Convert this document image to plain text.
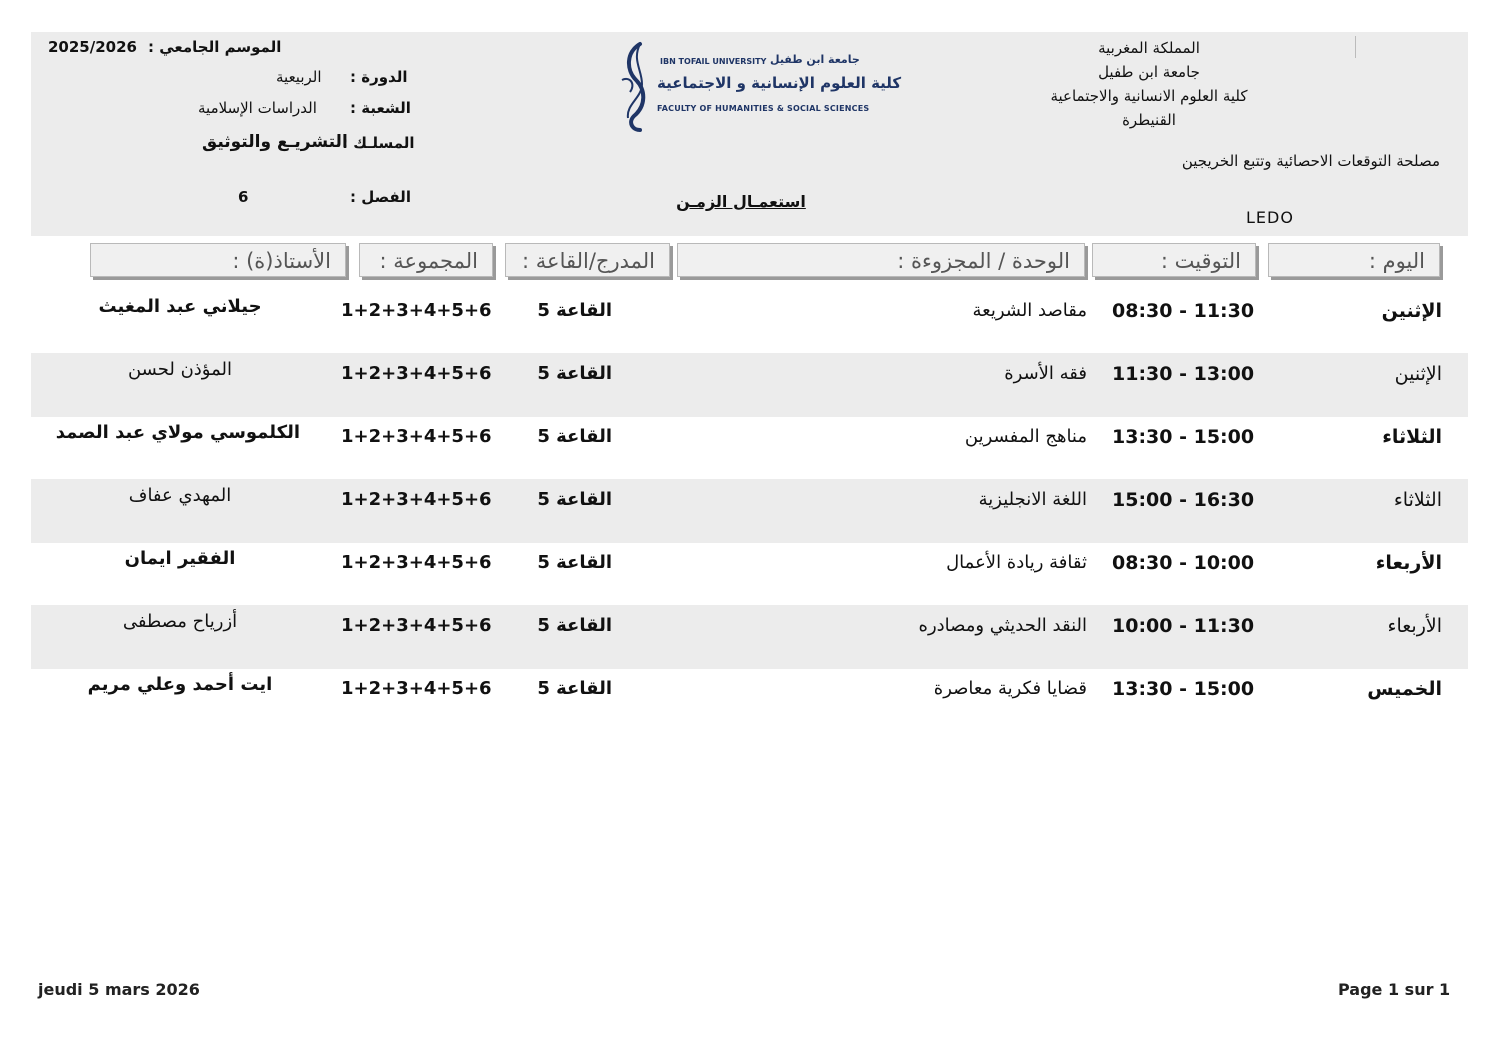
المملكة المغربية
جامعة ابن طفيل
كلية العلوم الانسانية والاجتماعية
القنيطرة
مصلحة التوقعات الاحصائية وتتبع الخريجين
LEDO
الموسم الجامعي :
2025/2026
الدورة :
الربيعية
الشعبة :
الدراسات الإسلامية
المسلـك :
التشريـع والتوثيق
الفصل :
6
IBN TOFAIL UNIVERSITY جامعة ابن طفيل
كلية العلوم الإنسانية و الاجتماعية
FACULTY OF HUMANITIES & SOCIAL SCIENCES
استعمـال الزمـن
اليوم :
التوقيت :
الوحدة / المجزوءة :
المدرج/القاعة :
المجموعة :
الأستاذ(ة) :
الإثنين
08:30 - 11:30
مقاصد الشريعة
القاعة 5
1+2+3+4+5+6
جيلاني عبد المغيث
الإثنين
11:30 - 13:00
فقه الأسرة
القاعة 5
1+2+3+4+5+6
المؤذن لحسن
الثلاثاء
13:30 - 15:00
مناهج المفسرين
القاعة 5
1+2+3+4+5+6
الكلموسي مولاي عبد الصمد
الثلاثاء
15:00 - 16:30
اللغة الانجليزية
القاعة 5
1+2+3+4+5+6
المهدي عفاف
الأربعاء
08:30 - 10:00
ثقافة ريادة الأعمال
القاعة 5
1+2+3+4+5+6
الفقير ايمان
الأربعاء
10:00 - 11:30
النقد الحديثي ومصادره
القاعة 5
1+2+3+4+5+6
أزرياح مصطفى
الخميس
13:30 - 15:00
قضايا فكرية معاصرة
القاعة 5
1+2+3+4+5+6
ايت أحمد وعلي مريم
jeudi 5 mars 2026	Page 1 sur 1
